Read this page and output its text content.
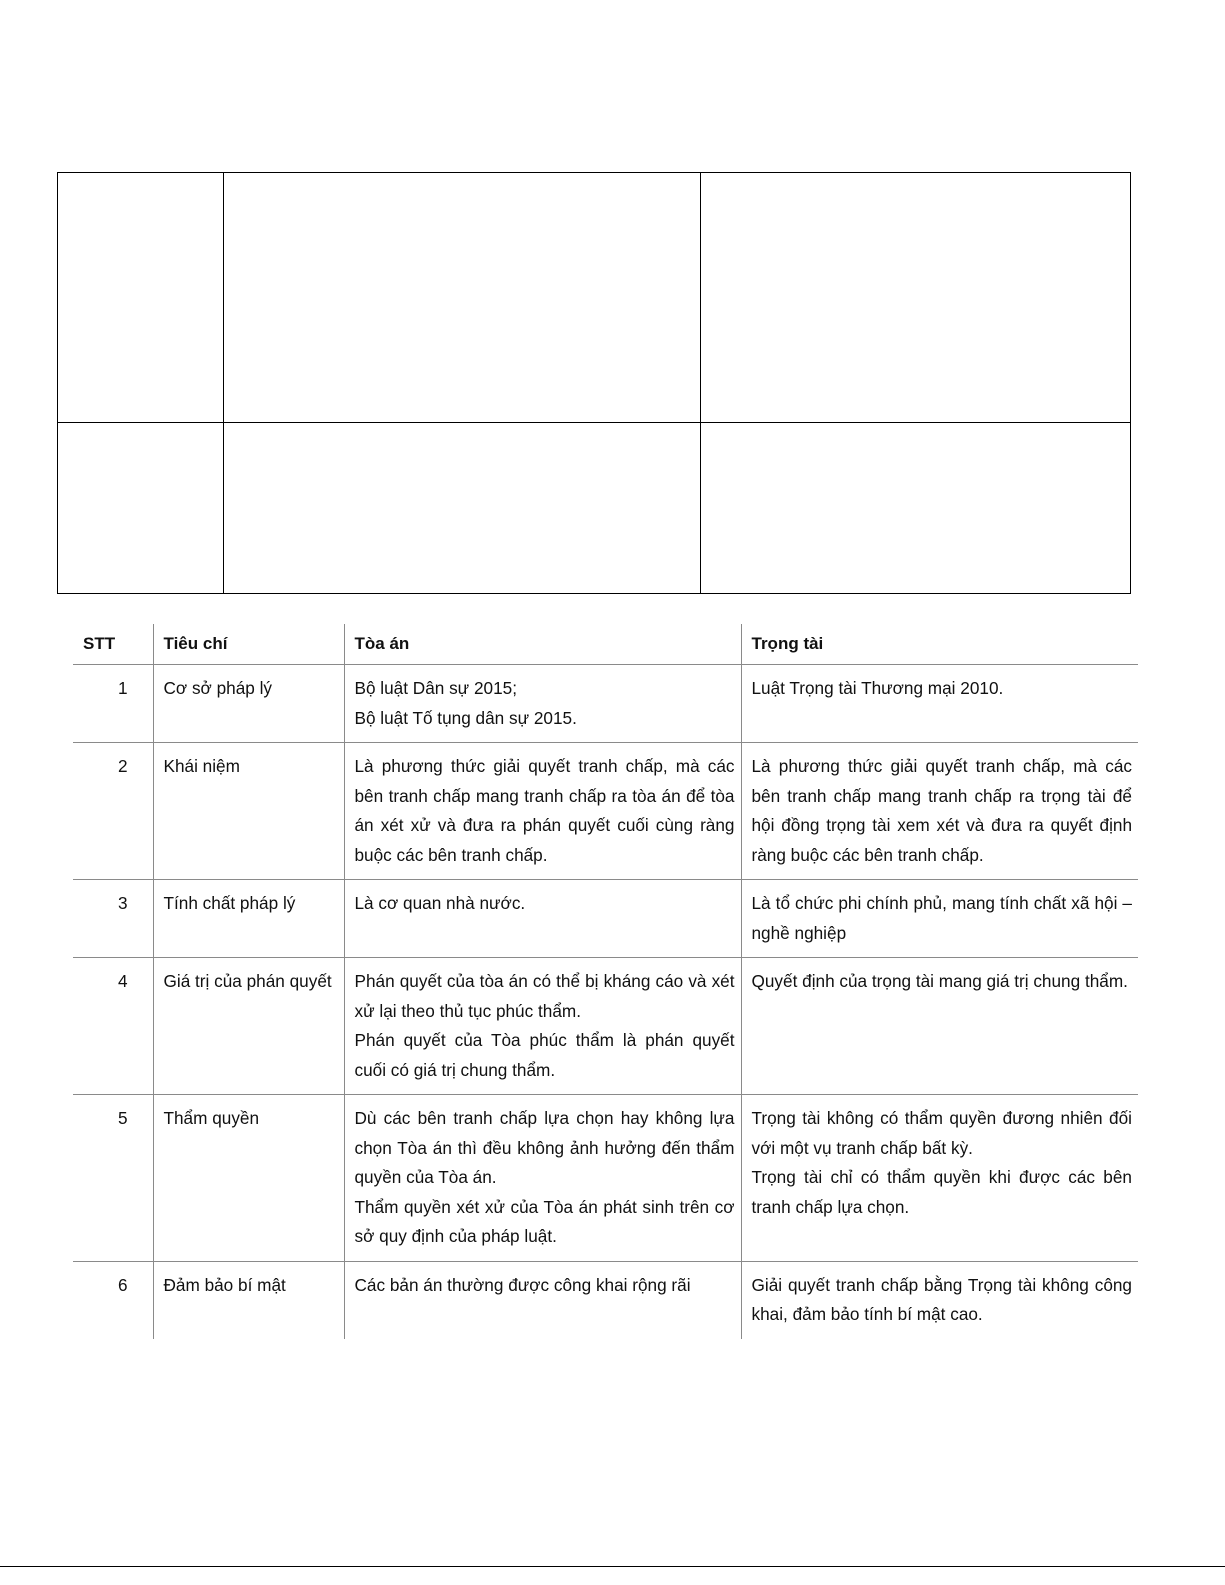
STT	Tiêu chí	Tòa án	Trọng tài
1	Cơ sở pháp lý	Bộ luật Dân sự 2015;
Bộ luật Tố tụng dân sự 2015.	Luật Trọng tài Thương mại 2010.

2	Khái niệm	Là phương thức giải quyết tranh chấp, mà các bên tranh chấp mang tranh chấp ra tòa án để tòa án xét xử và đưa ra phán quyết cuối cùng ràng buộc các bên tranh chấp.	Là phương thức giải quyết tranh chấp, mà các bên tranh chấp mang tranh chấp ra trọng tài để hội đồng trọng tài xem xét và đưa ra quyết định ràng buộc các bên tranh chấp.

3	Tính chất pháp lý	Là cơ quan nhà nước.	Là tổ chức phi chính phủ, mang tính chất xã hội – nghề nghiệp

4	Giá trị của phán quyết	Phán quyết của tòa án có thể bị kháng cáo và xét xử lại theo thủ tục phúc thẩm.
Phán quyết của Tòa phúc thẩm là phán quyết cuối có giá trị chung thẩm.	Quyết định của trọng tài mang giá trị chung thẩm.

5	Thẩm quyền	Dù các bên tranh chấp lựa chọn hay không lựa chọn Tòa án thì đều không ảnh hưởng đến thẩm quyền của Tòa án.
Thẩm quyền xét xử của Tòa án phát sinh trên cơ sở quy định của pháp luật.	Trọng tài không có thẩm quyền đương nhiên đối với một vụ tranh chấp bất kỳ.
Trọng tài chỉ có thẩm quyền khi được các bên tranh chấp lựa chọn.

6	Đảm bảo bí mật	Các bản án thường được công khai rộng rãi	Giải quyết tranh chấp bằng Trọng tài không công khai, đảm bảo tính bí mật cao.
